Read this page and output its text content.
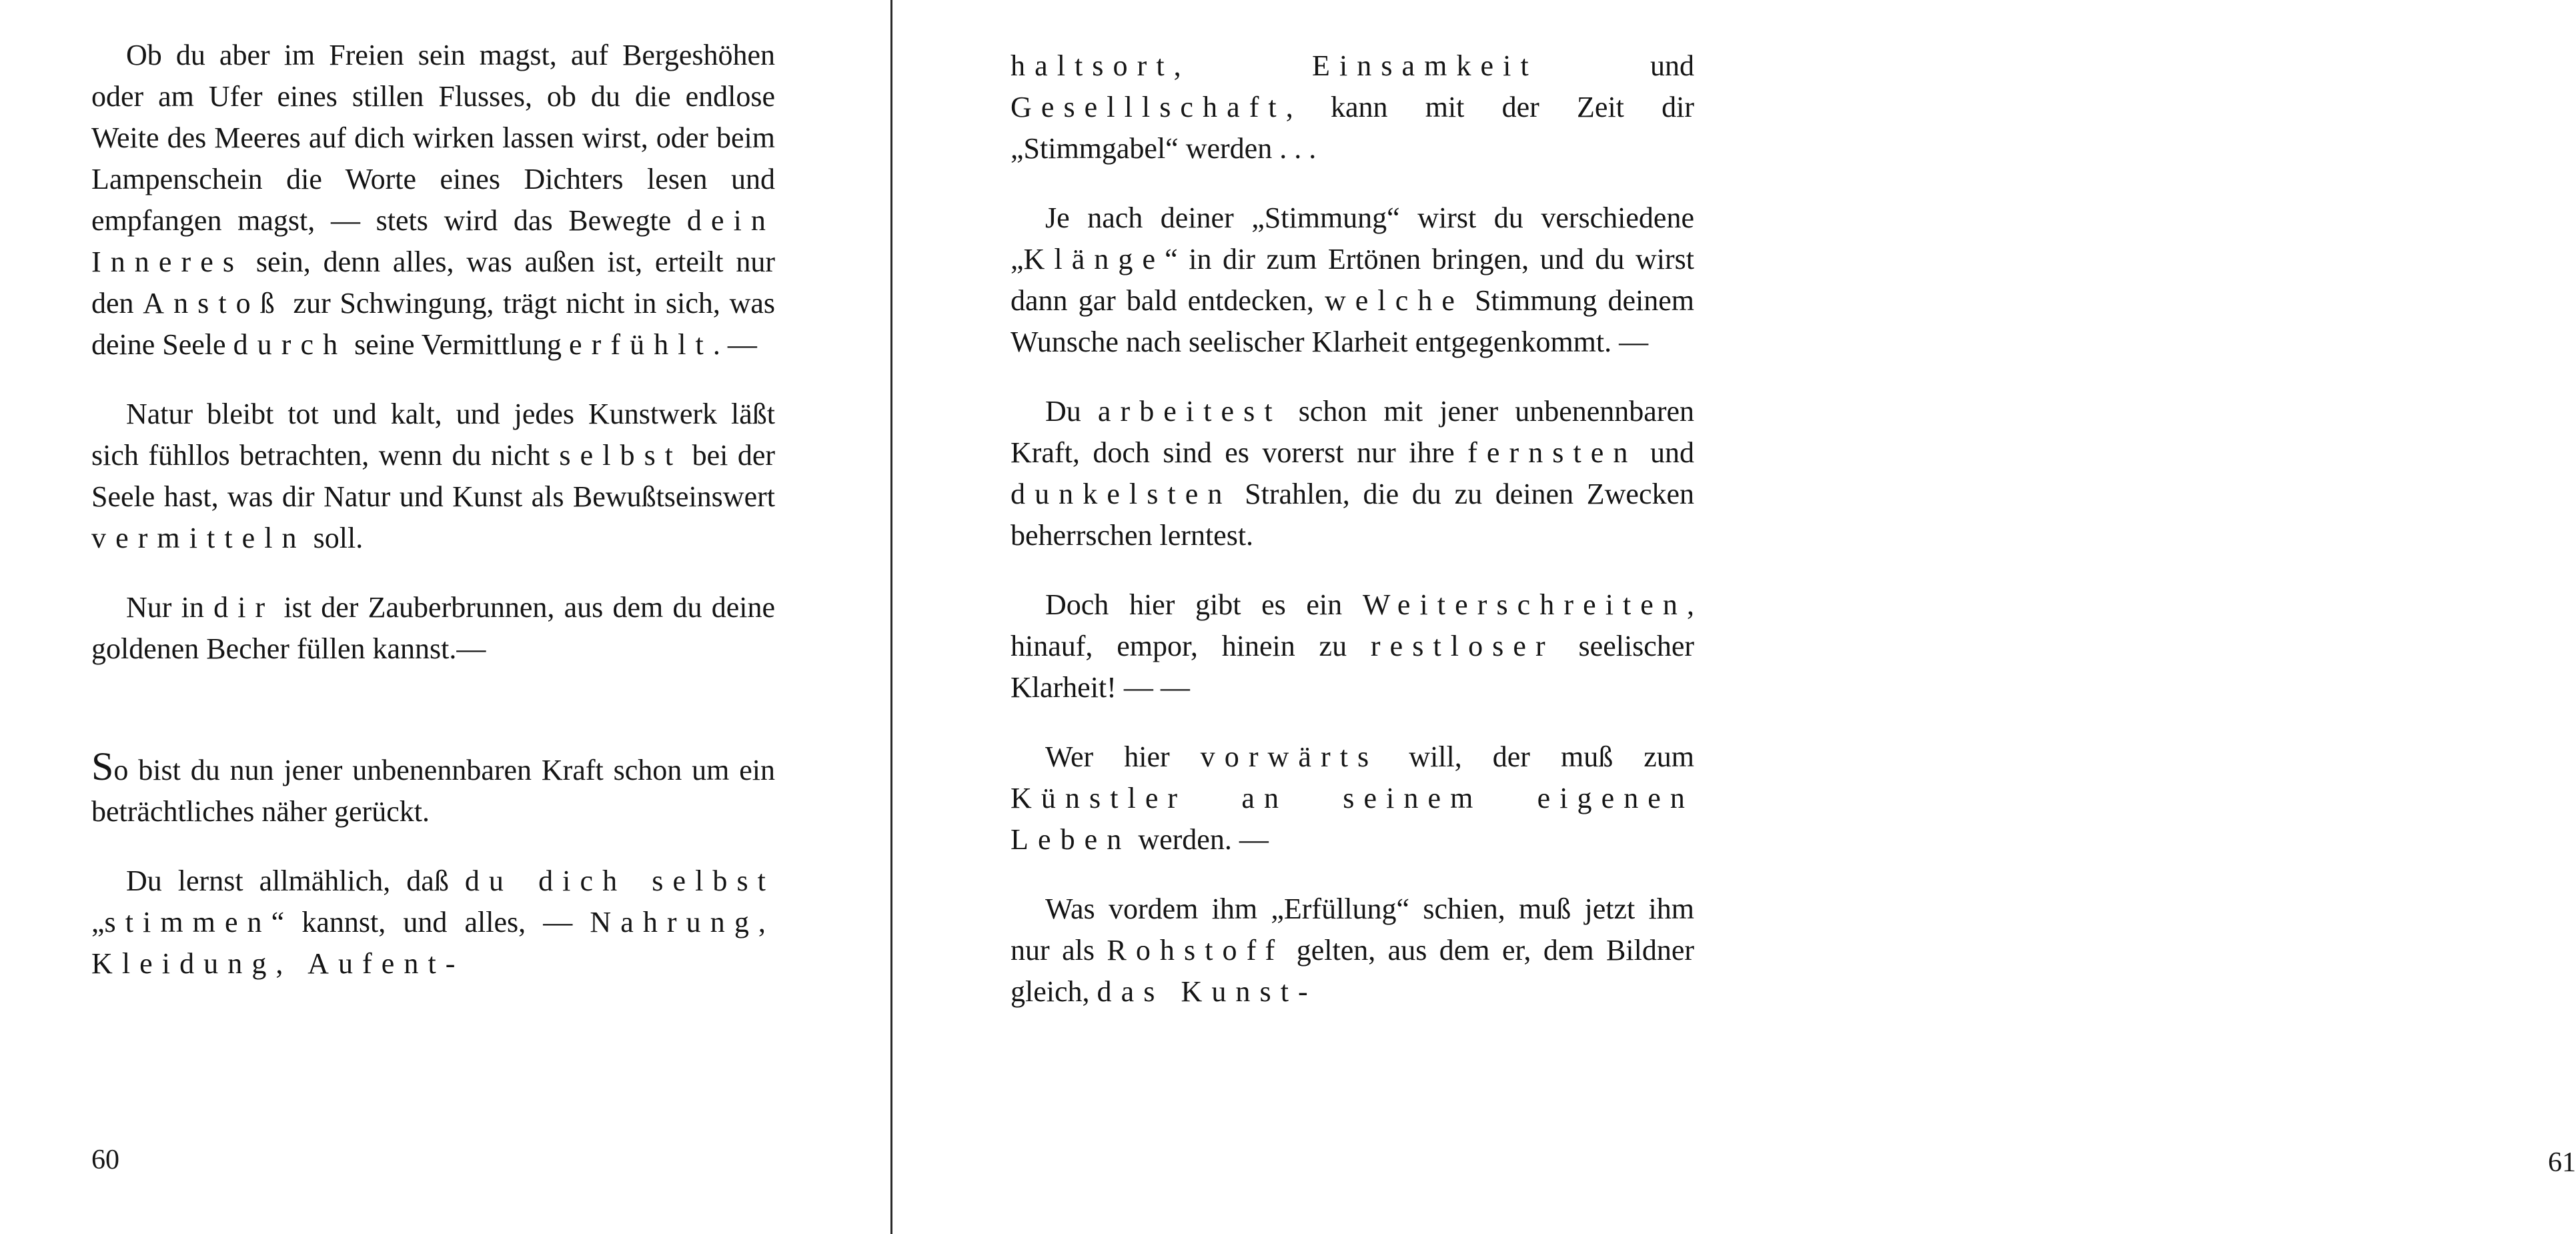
Ob du aber im Freien sein magst, auf Bergeshöhen oder am Ufer eines stillen Flusses, ob du die endlose Weite des Meeres auf dich wirken lassen wirst, oder beim Lampenschein die Worte eines Dichters lesen und empfangen magst, — stets wird das Bewegte dein Inneres sein, denn alles, was außen ist, erteilt nur den Anstoß zur Schwingung, trägt nicht in sich, was deine Seele durch seine Vermittlung erfühlt. —

Natur bleibt tot und kalt, und jedes Kunstwerk läßt sich fühllos betrachten, wenn du nicht selbst bei der Seele hast, was dir Natur und Kunst als Bewußtseinswert vermitteln soll.

Nur in dir ist der Zauberbrunnen, aus dem du deine goldenen Becher füllen kannst.—

So bist du nun jener unbenennbaren Kraft schon um ein beträchtliches näher gerückt.

Du lernst allmählich, daß du dich selbst „stimmen“ kannst, und alles, — Nahrung, Kleidung, Aufent-

60

haltsort, Einsamkeit und Geselllschaft, kann mit der Zeit dir „Stimmgabel“ werden . . .

Je nach deiner „Stimmung“ wirst du verschiedene „Klänge“ in dir zum Ertönen bringen, und du wirst dann gar bald entdecken, welche Stimmung deinem Wunsche nach seelischer Klarheit entgegenkommt. —

Du arbeitest schon mit jener unbenennbaren Kraft, doch sind es vorerst nur ihre fernsten und dunkelsten Strahlen, die du zu deinen Zwecken beherrschen lerntest.

Doch hier gibt es ein Weiterschreiten, hinauf, empor, hinein zu restloser seelischer Klarheit! — —

Wer hier vorwärts will, der muß zum Künstler an seinem eigenen Leben werden. —

Was vordem ihm „Erfüllung“ schien, muß jetzt ihm nur als Rohstoff gelten, aus dem er, dem Bildner gleich, das Kunst-

61
